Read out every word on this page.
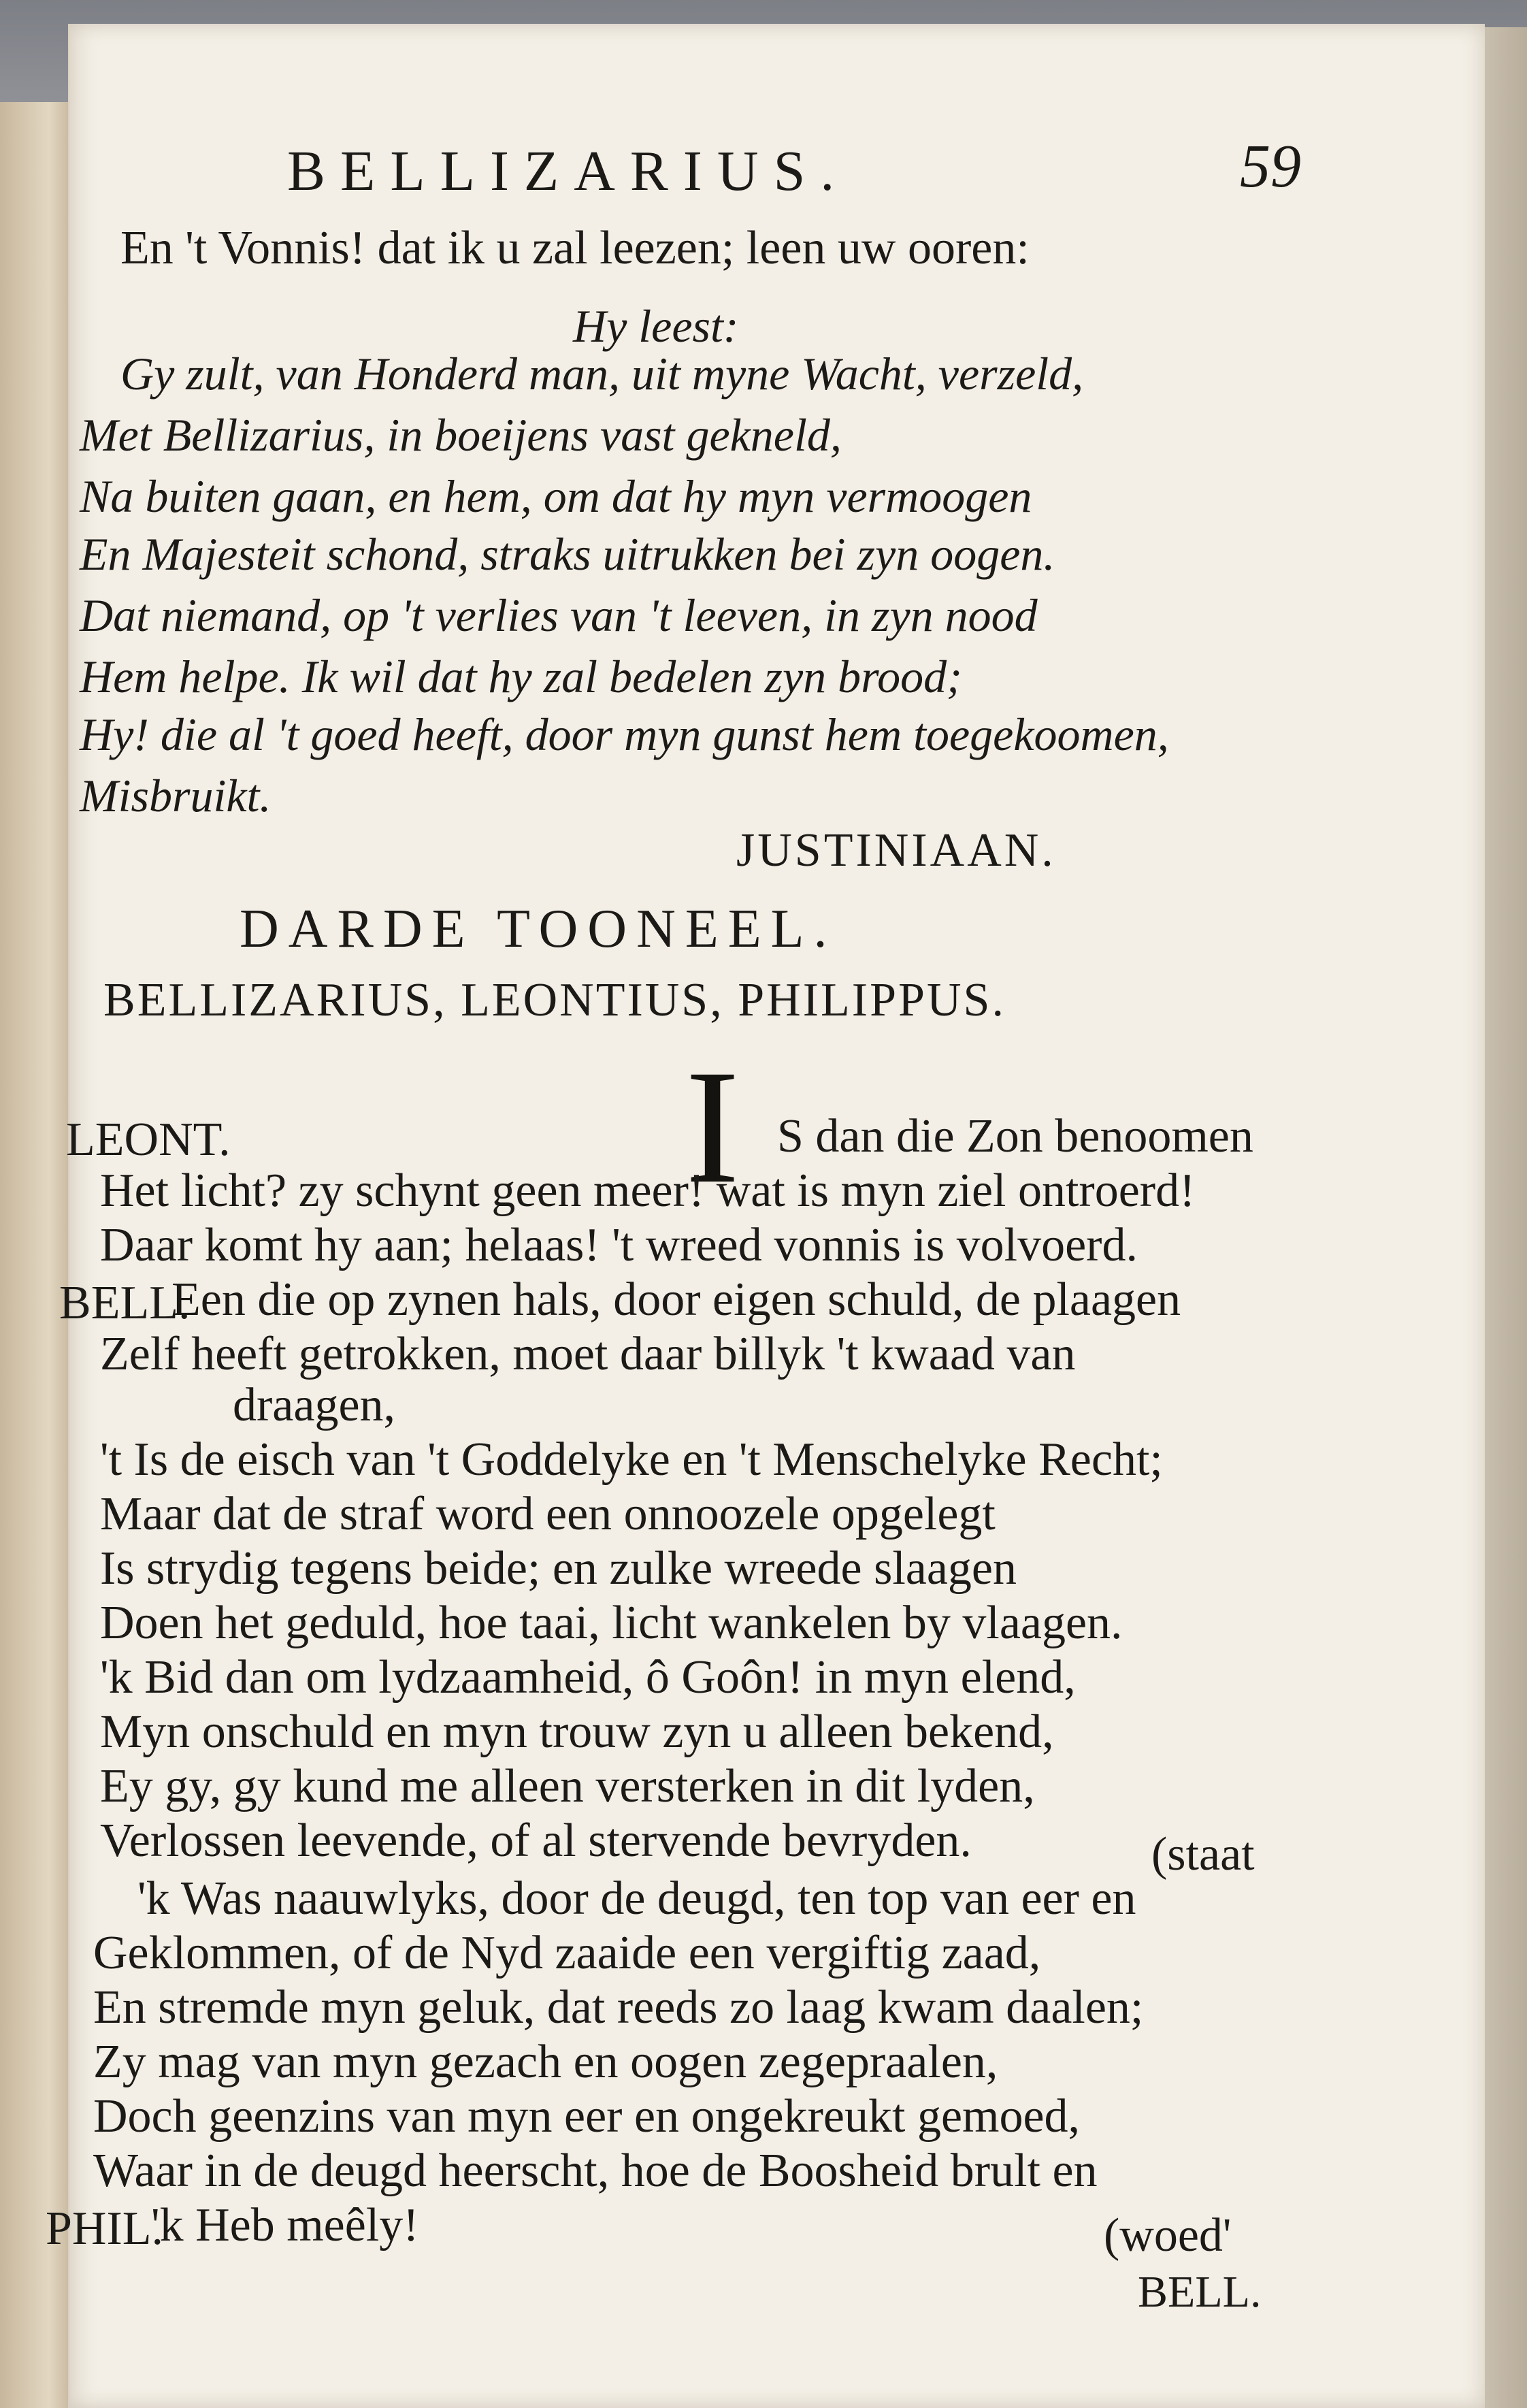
BELLIZARIUS.	59
En 't Vonnis! dat ik u zal leezen; leen uw ooren:
Hy leest:
Gy zult, van Honderd man, uit myne Wacht, verzeld,
Met Bellizarius, in boeijens vast gekneld,
Na buiten gaan, en hem, om dat hy myn vermoogen
En Majesteit schond, straks uitrukken bei zyn oogen.
Dat niemand, op 't verlies van 't leeven, in zyn nood
Hem helpe. Ik wil dat hy zal bedelen zyn brood;
Hy! die al 't goed heeft, door myn gunst hem toegekoomen,
Misbruikt.
JUSTINIAAN.
DARDE TOONEEL.
BELLIZARIUS, LEONTIUS, PHILIPPUS.
I
LEONT.	S dan die Zon benoomen
Het licht? zy schynt geen meer! wat is myn ziel ontroerd!
Daar komt hy aan; helaas! 't wreed vonnis is volvoerd.
BELL.
Een die op zynen hals, door eigen schuld, de plaagen
Zelf heeft getrokken, moet daar billyk 't kwaad van
draagen,
't Is de eisch van 't Goddelyke en 't Menschelyke Recht;
Maar dat de straf word een onnoozele opgelegt
Is strydig tegens beide; en zulke wreede slaagen
Doen het geduld, hoe taai, licht wankelen by vlaagen.
'k Bid dan om lydzaamheid, ô Goôn! in myn elend,
Myn onschuld en myn trouw zyn u alleen bekend,
Ey gy, gy kund me alleen versterken in dit lyden,
Verlossen leevende, of al stervende bevryden.	(staat
'k Was naauwlyks, door de deugd, ten top van eer en
Geklommen, of de Nyd zaaide een vergiftig zaad,
En stremde myn geluk, dat reeds zo laag kwam daalen;
Zy mag van myn gezach en oogen zegepraalen,
Doch geenzins van myn eer en ongekreukt gemoed,
Waar in de deugd heerscht, hoe de Boosheid brult en
PHIL.
'k Heb meêly!	(woed'
BELL.
